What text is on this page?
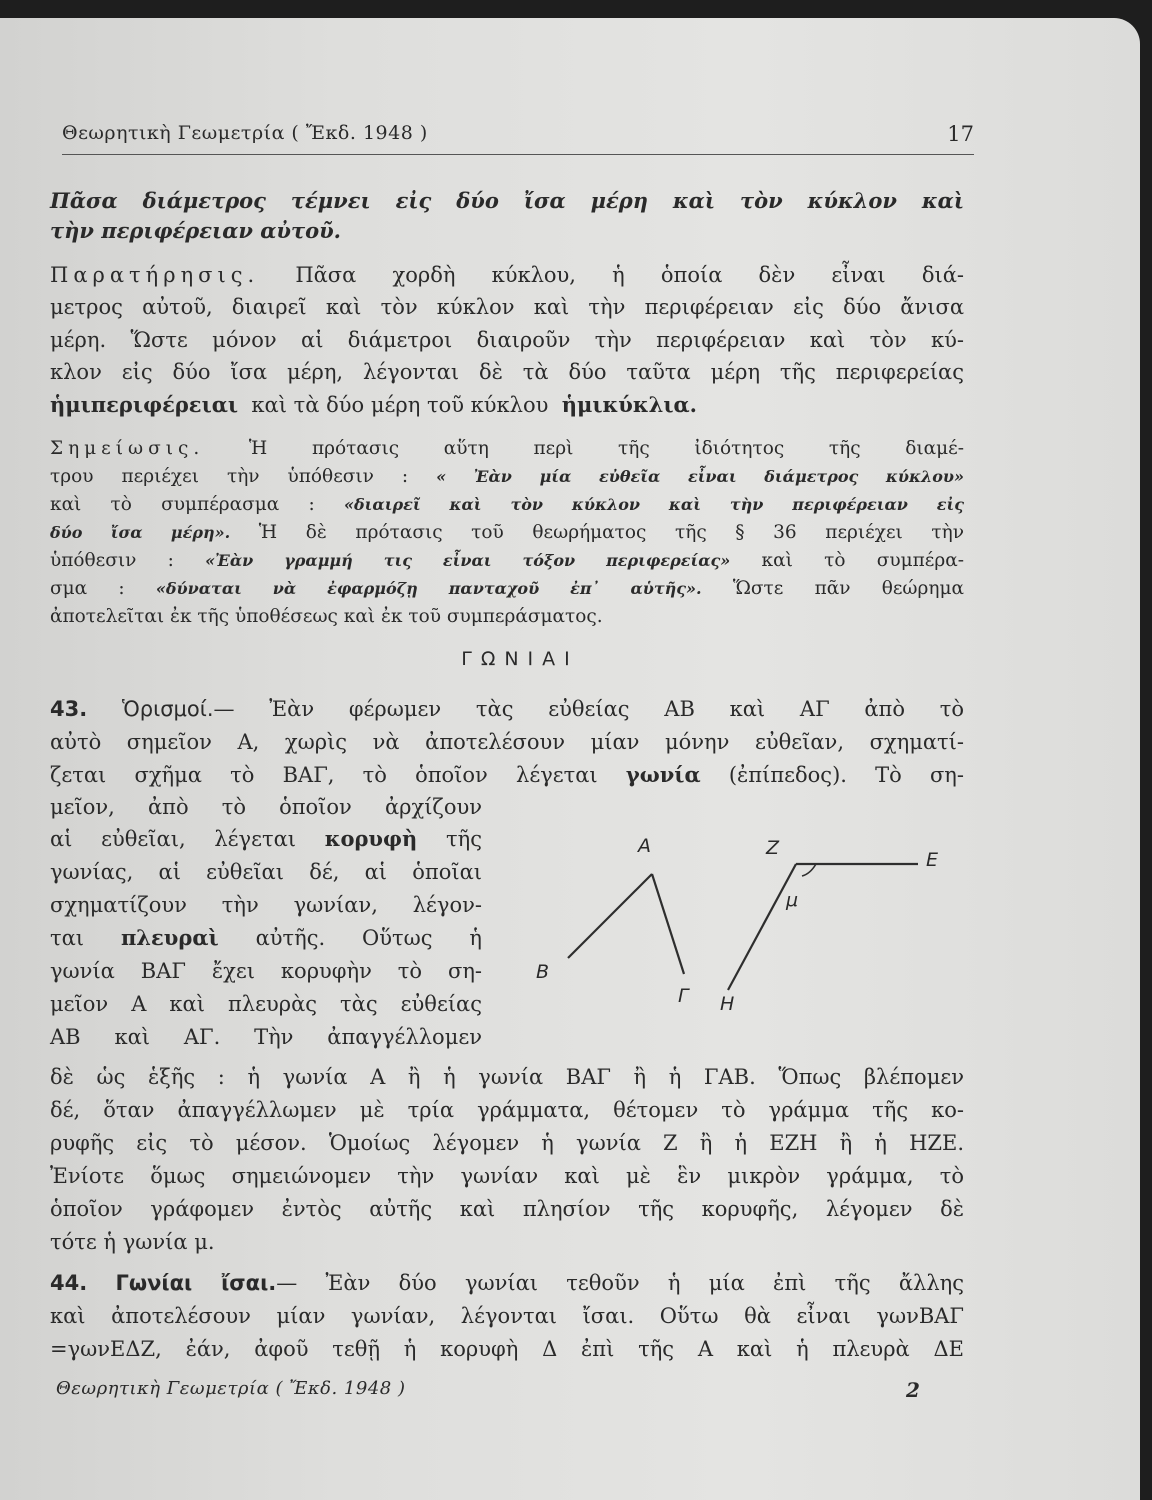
Θεωρητικὴ Γεωμετρία ( Ἔκδ. 1948 )	17
Πᾶσα διάμετρος τέμνει εἰς δύο ἴσα μέρη καὶ τὸν κύκλον καὶ
τὴν περιφέρειαν αὐτοῦ.
Παρατήρησις. Πᾶσα χορδὴ κύκλου, ἡ ὁποία δὲν εἶναι διά-
μετρος αὐτοῦ, διαιρεῖ καὶ τὸν κύκλον καὶ τὴν περιφέρειαν εἰς δύο ἄνισα
μέρη. Ὥστε μόνον αἱ διάμετροι διαιροῦν τὴν περιφέρειαν καὶ τὸν κύ-
κλον εἰς δύο ἴσα μέρη, λέγονται δὲ τὰ δύο ταῦτα μέρη τῆς περιφερείας
ἡμιπεριφέρειαι καὶ τὰ δύο μέρη τοῦ κύκλου ἡμικύκλια.
Σημείωσις. Ἡ πρότασις αὕτη περὶ τῆς ἰδιότητος τῆς διαμέ-
τρου περιέχει τὴν ὑπόθεσιν : « Ἐὰν μία εὐθεῖα εἶναι διάμετρος κύκλου»
καὶ τὸ συμπέρασμα : «διαιρεῖ καὶ τὸν κύκλον καὶ τὴν περιφέρειαν εἰς
δύο ἴσα μέρη». Ἡ δὲ πρότασις τοῦ θεωρήματος τῆς § 36 περιέχει τὴν
ὑπόθεσιν : «Ἐὰν γραμμή τις εἶναι τόξον περιφερείας» καὶ τὸ συμπέρα-
σμα : «δύναται νὰ ἐφαρμόζῃ πανταχοῦ ἐπ᾽ αὑτῆς». Ὥστε πᾶν θεώρημα
ἀποτελεῖται ἐκ τῆς ὑποθέσεως καὶ ἐκ τοῦ συμπεράσματος.
ΓΩΝΙΑΙ
43. Ὁρισμοί.— Ἐὰν φέρωμεν τὰς εὐθείας ΑΒ καὶ ΑΓ ἀπὸ τὸ
αὐτὸ σημεῖον Α, χωρὶς νὰ ἀποτελέσουν μίαν μόνην εὐθεῖαν, σχηματί-
ζεται σχῆμα τὸ ΒΑΓ, τὸ ὁποῖον λέγεται γωνία (ἐπίπεδος). Τὸ ση-
μεῖον, ἀπὸ τὸ ὁποῖον ἀρχίζουν
αἱ εὐθεῖαι, λέγεται κορυφὴ τῆς
γωνίας, αἱ εὐθεῖαι δέ, αἱ ὁποῖαι
σχηματίζουν τὴν γωνίαν, λέγον-
ται πλευραὶ αὐτῆς. Οὕτως ἡ
γωνία ΒΑΓ ἔχει κορυφὴν τὸ ση-
μεῖον Α καὶ πλευρὰς τὰς εὐθείας
ΑΒ καὶ ΑΓ. Τὴν ἀπαγγέλλομεν
A
B
Γ
Z
E
H
μ
δὲ ὡς ἑξῆς : ἡ γωνία Α ἢ ἡ γωνία ΒΑΓ ἢ ἡ ΓΑΒ. Ὅπως βλέπομεν
δέ, ὅταν ἀπαγγέλλωμεν μὲ τρία γράμματα, θέτομεν τὸ γράμμα τῆς κο-
ρυφῆς εἰς τὸ μέσον. Ὁμοίως λέγομεν ἡ γωνία Ζ ἢ ἡ ΕΖΗ ἢ ἡ ΗΖΕ.
Ἐνίοτε ὅμως σημειώνομεν τὴν γωνίαν καὶ μὲ ἓν μικρὸν γράμμα, τὸ
ὁποῖον γράφομεν ἐντὸς αὐτῆς καὶ πλησίον τῆς κορυφῆς, λέγομεν δὲ
τότε ἡ γωνία μ.
44. Γωνίαι ἴσαι.— Ἐὰν δύο γωνίαι τεθοῦν ἡ μία ἐπὶ τῆς ἄλλης
καὶ ἀποτελέσουν μίαν γωνίαν, λέγονται ἴσαι. Οὕτω θὰ εἶναι γωνΒΑΓ
=γωνΕΔΖ, ἐάν, ἀφοῦ τεθῇ ἡ κορυφὴ Δ ἐπὶ τῆς Α καὶ ἡ πλευρὰ ΔΕ
Θεωρητικὴ Γεωμετρία ( Ἔκδ. 1948 )	2
